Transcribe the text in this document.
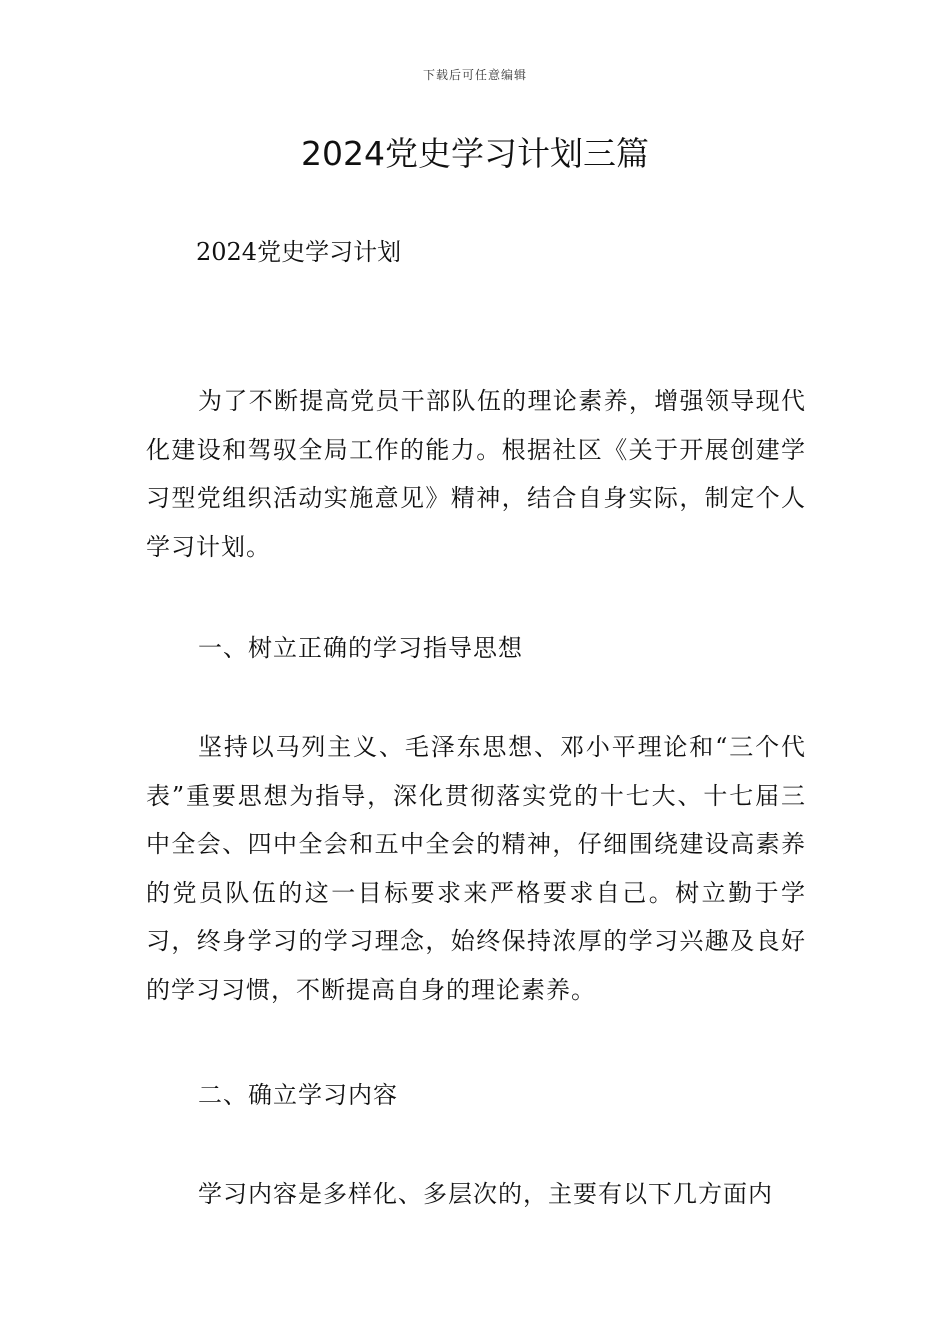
下载后可任意编辑
2024党史学习计划三篇

2024党史学习计划

为了不断提高党员干部队伍的理论素养，增强领导现代化建设和驾驭全局工作的能力。根据社区《关于开展创建学习型党组织活动实施意见》精神，结合自身实际，制定个人学习计划。

一、树立正确的学习指导思想

坚持以马列主义、毛泽东思想、邓小平理论和“三个代表”重要思想为指导，深化贯彻落实党的十七大、十七届三中全会、四中全会和五中全会的精神，仔细围绕建设高素养的党员队伍的这一目标要求来严格要求自己。树立勤于学习，终身学习的学习理念，始终保持浓厚的学习兴趣及良好的学习习惯，不断提高自身的理论素养。

二、确立学习内容

学习内容是多样化、多层次的，主要有以下几方面内
